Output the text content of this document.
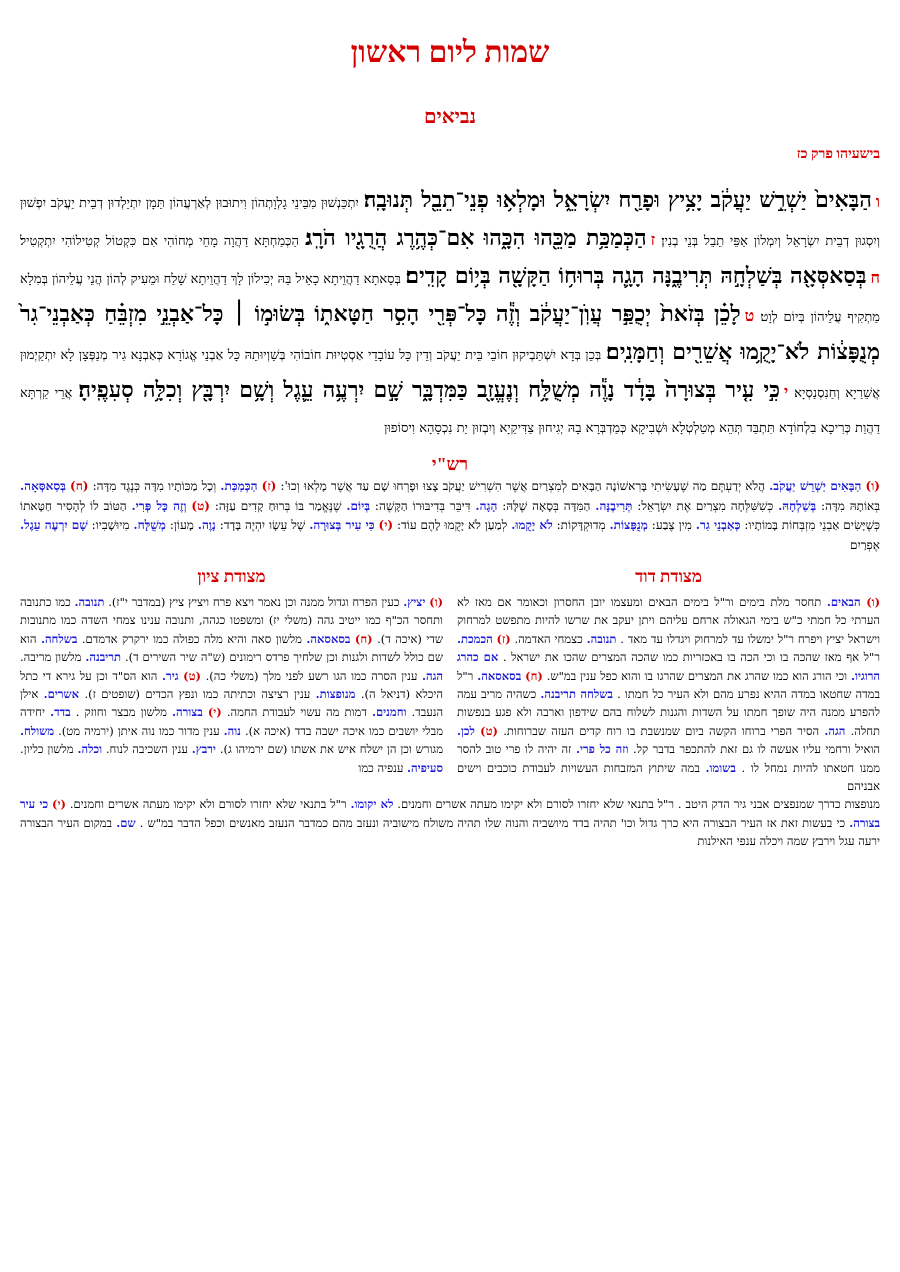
שמות ליום ראשון
נביאים
בישעיהו פרק כז
והַבָּאִים֙ יַשְׁרֵ֣שׁ יַעֲקֹ֔ב יָצִ֥יץ וּפָרַ֖ח יִשְׂרָאֵ֑ל וּמָלְא֥וּ פְנֵי־תֵבֵ֖ל תְּנוּבָֽה׃ יִתְכַּנְשׁוּן מִבֵּינֵי גָלְוָתְהוֹן וִיתוּבוּן לְאַרְעֲהוֹן תַּמָן יִתְיַלְדוּן דְבֵית יַעֲקֹב יִפְשׁוּן וְיִסְגוּן דְבֵית יִשְׂרָאֵל וְיִמְלוֹן אַפֵּי תֵבֵל בְּנֵי בְנִין׃ זהַכְּמַכַּ֥ת מַכֵּ֖הוּ הִכָּ֑הוּ אִם־כְּהֶ֥רֶג הֲרֻגָ֖יו הֹרָֽג׃ הַכְּמַחְתָּא דַהֲוָה מָחֵי מְחוֹהִי אִם כִּקְטוֹל קְטִילוֹהִי יִתְקְטִיל׃ חבְּסַאסְּאָ֖ה בְּשַׁלְחָ֣הּ תְּרִיבֶ֑נָּה הָגָ֛ה בְּרוּח֥וֹ הַקָּשָׁ֖ה בְּי֥וֹם קָדִֽים׃ בְּסַאתָא דַהֲוֵיתָא כָאֵיל בַּהּ יְכִילוֹן לָךְ דַהֲוֵיתָא שָׁלַח וּמֵעִיק לְהוֹן הֲנֵי עֲלֵיהוֹן בְּמִלָא מַתְקִיף עֲלֵיהוֹן בְּיוֹם לְוָט׃ טלָכֵ֗ן בְּזֹאת֙ יְכֻפַּ֣ר עֲוֺֽן־יַעֲקֹ֔ב וְזֶ֕ה כָּל־פְּרִ֖י הָסִ֣ר חַטָּאת֑וֹ בְּשׂוּמ֣וֹ ׀ כָּל־אַבְנֵ֣י מִזְבֵּ֗חַ כְּאַבְנֵי־גִר֙ מְנֻפָּצ֔וֹת לֹא־יָקֻ֥מוּ אֲשֵׁרִ֖ים וְחַמָּנִֽים׃ בְּכֵן בְּדָא יִשְׁתַּבְיקוּן חוֹבֵי בֵּית יַעֲקֹב וְדֵין כָּל עוֹבָדֵי אַסְטְיוּת חוֹבוֹהִי בְּשַׁוְיוּתֵהּ כָּל אַבְנֵי אֱגוֹרָא כְּאַבְנָא גִיר מְנַפְּצָן לָא יִתְקַיְמוּן אֲשֵׁרַיָא וְחַנִסְנַסְיָא׃ יכִּ֣י עִ֤יר בְּצוּרָה֙ בָּדָ֔ד נָוֶ֕ה מְשֻׁלָּ֥ח וְנֶעֱזָ֖ב כַּמִּדְבָּ֑ר שָׁ֣ם יִרְעֶ֥ה עֵ֛גֶל וְשָׁ֥ם יִרְבָּ֖ץ וְכִלָּ֥ה סְעִפֶֽיהָ׃ אֲרֵי קַרְתָּא דַהֲוַת כְּרִיכָא בִלְחוֹדָא תִּתְבַּד תְּהֵא מְטַלְטְלָא וּשְׁבִיקָא כְּמַדְבְּרָא בָהּ יְגִיחוּן צַדִּיקַיָא וְיִבְזוּן יַת נִכְסָהָא וִיסוֹפוּן
רש"י
(ו) הַבָּאִים יַשְׁרֵשׁ יַעֲקֹב. הֲלֹא יְדַעְתֶּם מַה שֶׁעָשִׂיתִי בָּרִאשׁוֹנָה הַבָּאִים לְמִצְרַיִם אֲשֶׁר הִשְׁרִישׁ יַעֲקֹב צָצוּ וּפָרְחוּ שָׁם עַד אֲשֶׁר מָלְאוּ וְכוּ': (ז) הַכְּמַכַּת. וְכָל מַכּוֹתָיו מִדָּה כְּנֶגֶד מִדָּה: (ח) בְּסַאסְּאָה. בְּאוֹתָהּ מִדָּה: בְּשַׁלְחָהּ. כְּשִׁשִּׁלְּחָה מִצְרַיִם אֶת יִשְׂרָאֵל: תְּרִיבֶנָּה. הַמִּדָּה בְּסָאָה שֶׁלָּהּ: הָגָה. דִּיבֵּר בְּדִיבּוּרוֹ הַקָּשֶׁה: בְּיוֹם. שֶׁנֶּאֱמַר בּוֹ בְּרוּחַ קָדִים עַזָּה: (ט) וְזֶה כָּל פְּרִי. הַטּוֹב לוֹ לְהָסִיר חַטָּאתוֹ כְּשֶׁיָּשִׂים אַבְנֵי מִזְבְּחוֹת בָּמוֹתָיו: כְּאַבְנֵי גִר. מִין צֶבַע: מְנֻפָּצוֹת. מְדוּקְדָּקוֹת: לֹא יָקֻמוּ. לְמַעַן לֹא יָקֻמוּ לָהֶם עוֹד: (י) כִּי עִיר בְּצוּרָה. שֶׁל עֵשָׂו יִהְיֶה בָּדָד: נָוֶה. מָעוֹן: מְשֻׁלָּח. מִיוּשָׁבִיו: שָׁם יִרְעֶה עֵגֶל. אֶפְרַיִם
מצודת דוד
(ו) הבאים. תחסר מלת בימים ור"ל בימים הבאים ומעצמו יובן החסרון וכאומר אם מאז לא הערתי כל חמתי כ"ש בימי הגאולה ארחם עליהם ויתן יעקב את שרשו להיות מתפשט למרחוק וישראל יציץ ויפרח ר"ל ימשלו עד למרחוק ויגדלו עד מאד . תנובה. כצמחי האדמה. (ז) הכמכת. ר"ל אף מאז שהכה בו וכי הכה בו באכזריות כמו שהכה המצרים שהכו את ישראל . אם כהרג הרוגיו. וכי הורג הוא כמו שהרג את המצרים שהרגו בו והוא כפל ענין במ"ש. (ח) בסאסאה. ר"ל במדה שחטאו במדה ההיא נפרע מהם ולא העיר כל חמתו . בשלחה תריבנה. כשהיה מריב עמה להפרע ממנה היה שופך חמתו על השדות והגנות לשלוח בהם שידפון וארבה ולא פגע בנפשות תחלה. הגה. הסיר הפרי ברוחו הקשה ביום שמנשבת בו רוח קדים העזה שברוחות. (ט) לכן. הואיל ורחמי עליו אעשה לו גם זאת להתכפר בדבר קל. וזה כל פרי. זה יהיה לו פרי טוב להסר ממנו חטאתו להיות נמחל לו . בשומו. במה שיתוץ המזבחות העשויות לעבודת כוכבים וישים אבניהם
מצודת ציון
(ו) יציץ. כעין הפרח וגדול ממנה וכן נאמר ויצא פרח ויציץ ציץ (במדבר י"ז). תנובה. כמו כתנובה ותחסר הכ"ף כמו ייטיב גהה (משלי יז) ומשפטו כגהה, ותנובה ענינו צמחי השדה כמו מתנובות שדי (איכה ד). (ח) בסאסאה. מלשון סאה והיא מלה כפולה כמו ירקרק אדמדם. בשלחה. הוא שם כולל לשדות ולגנות וכן שלחיך פרדס רימונים (ש"ה שיר השירים ד). תריבנה. מלשון מריבה. הגה. ענין הסרה כמו הגו רשע לפני מלך (משלי כה). (ט) גיר. הוא הס"ד וכן על גירא די כתל היכלא (דניאל ה). מנופצות. ענין רציצה וכתיתה כמו ונפץ הכדים (שופטים ז). אשרים. אילן הנעבד. וחמנים. דמות מה עשוי לעבודת החמה. (י) בצורה. מלשון מבצר וחוזק . בדד. יחידה מבלי יושבים כמו איכה ישבה בדד (איכה א). נוה. ענין מדור כמו נוה איתן (ירמיה מט). משולח. מגורש וכן הן ישלח איש את אשתו (שם ירמיהו ג). ירבץ. ענין השכיבה לנוח. וכלה. מלשון כליון. סעיפיה. ענפיה כמו
מנופצות כדרך שמנפצים אבני גיר הדק היטב . ר"ל בתנאי שלא יחזרו לסורם ולא יקימו מעתה אשרים וחמנים. לא יקומו. ר"ל בתנאי שלא יחזרו לסורם ולא יקימו מעתה אשרים וחמנים. (י) כי עיר בצורה. כי בעשות זאת אז העיר הבצורה היא כרך גדול וכו' תהיה בדד מיושביה והנוה שלו תהיה משולח מישוביה ונעזב מהם כמדבר הנעזב מאנשים וכפל הדבר במ"ש . שם. במקום העיר הבצורה ירעה עגל וירבץ שמה ויכלה ענפי האילנות
